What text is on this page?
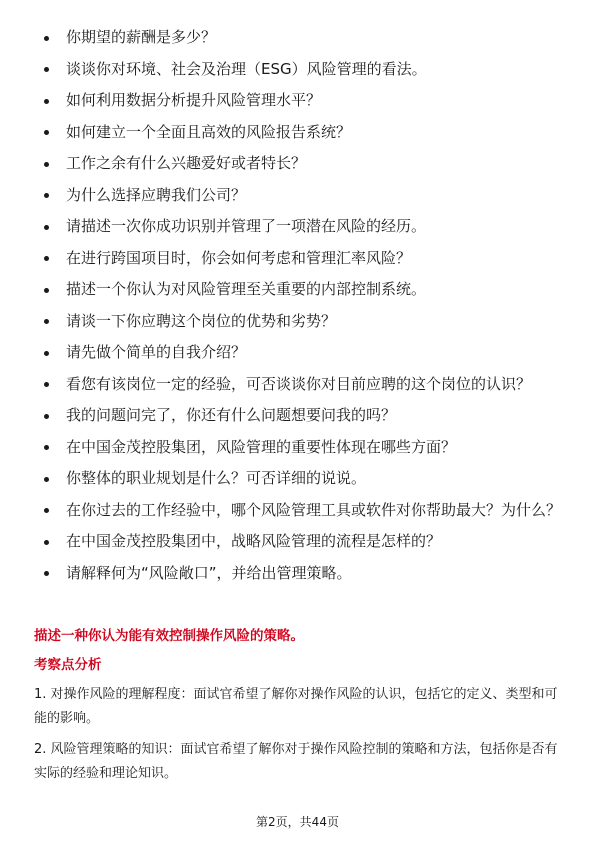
你期望的薪酬是多少？
谈谈你对环境、社会及治理（ESG）风险管理的看法。
如何利用数据分析提升风险管理水平？
如何建立一个全面且高效的风险报告系统？
工作之余有什么兴趣爱好或者特长？
为什么选择应聘我们公司？
请描述一次你成功识别并管理了一项潜在风险的经历。
在进行跨国项目时，你会如何考虑和管理汇率风险？
描述一个你认为对风险管理至关重要的内部控制系统。
请谈一下你应聘这个岗位的优势和劣势？
请先做个简单的自我介绍？
看您有该岗位一定的经验，可否谈谈你对目前应聘的这个岗位的认识？
我的问题问完了，你还有什么问题想要问我的吗？
在中国金茂控股集团，风险管理的重要性体现在哪些方面？
你整体的职业规划是什么？可否详细的说说。
在你过去的工作经验中，哪个风险管理工具或软件对你帮助最大？为什么？
在中国金茂控股集团中，战略风险管理的流程是怎样的？
请解释何为“风险敞口”，并给出管理策略。
描述一种你认为能有效控制操作风险的策略。
考察点分析

1. 对操作风险的理解程度：面试官希望了解你对操作风险的认识，包括它的定义、类型和可能的影响。

2. 风险管理策略的知识：面试官希望了解你对于操作风险控制的策略和方法，包括你是否有实际的经验和理论知识。

第2页，共44页
